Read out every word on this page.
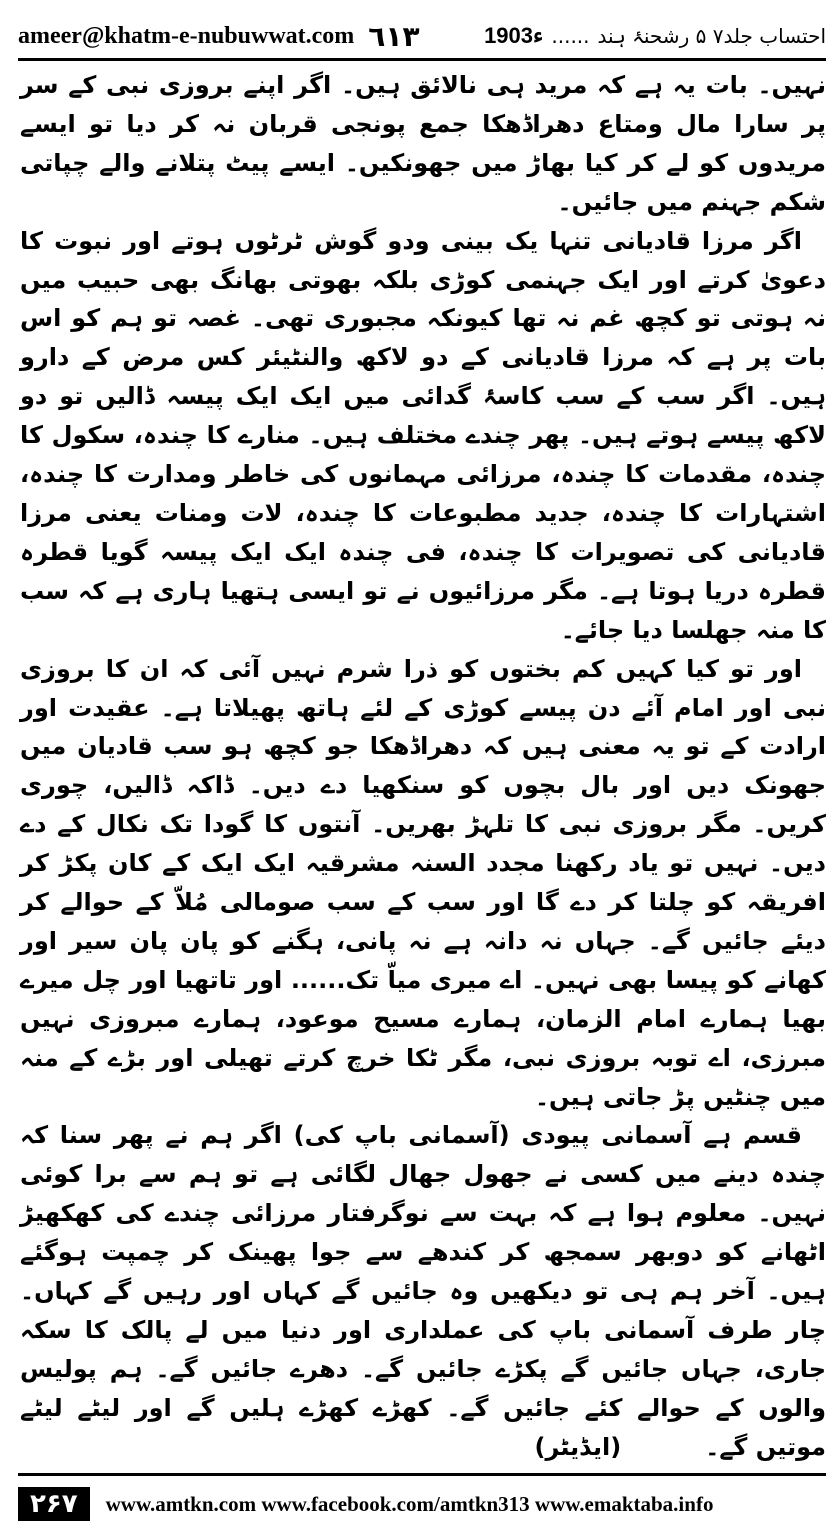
ameer@khatm-e-nubuwwat.com ٦١٣	احتساب جلد۷ ۵ رشحنۂ ہند
......
1903ء

نہیں۔ بات یہ ہے کہ مرید ہی نالائق ہیں۔ اگر اپنے بروزی نبی کے سر پر سارا مال ومتاع دھراڈھکا جمع پونجی قربان نہ کر دیا تو ایسے مریدوں کو لے کر کیا بھاڑ میں جھونکیں۔ ایسے پیٹ پتلانے والے چپاتی شکم جہنم میں جائیں۔

اگر مرزا قادیانی تنہا یک بینی ودو گوش ٹرٹوں ہوتے اور نبوت کا دعویٰ کرتے اور ایک جہنمی کوڑی بلکہ بھوتی بھانگ بھی حبیب میں نہ ہوتی تو کچھ غم نہ تھا کیونکہ مجبوری تھی۔ غصہ تو ہم کو اس بات پر ہے کہ مرزا قادیانی کے دو لاکھ والنٹیئر کس مرض کے دارو ہیں۔ اگر سب کے سب کاسۂ گدائی میں ایک ایک پیسہ ڈالیں تو دو لاکھ پیسے ہوتے ہیں۔ پھر چندے مختلف ہیں۔ منارے کا چندہ، سکول کا چندہ، مقدمات کا چندہ، مرزائی مہمانوں کی خاطر ومدارت کا چندہ، اشتہارات کا چندہ، جدید مطبوعات کا چندہ، لات ومنات یعنی مرزا قادیانی کی تصویرات کا چندہ، فی چندہ ایک ایک پیسہ گویا قطرہ قطرہ دریا ہوتا ہے۔ مگر مرزائیوں نے تو ایسی ہتھیا ہاری ہے کہ سب کا منہ جھلسا دیا جائے۔

اور تو کیا کہیں کم بختوں کو ذرا شرم نہیں آئی کہ ان کا بروزی نبی اور امام آئے دن پیسے کوڑی کے لئے ہاتھ پھیلاتا ہے۔ عقیدت اور ارادت کے تو یہ معنی ہیں کہ دھراڈھکا جو کچھ ہو سب قادیان میں جھونک دیں اور بال بچوں کو سنکھیا دے دیں۔ ڈاکہ ڈالیں، چوری کریں۔ مگر بروزی نبی کا تلہڑ بھریں۔ آنتوں کا گودا تک نکال کے دے دیں۔ نہیں تو یاد رکھنا مجدد السنہ مشرقیہ ایک ایک کے کان پکڑ کر افریقہ کو چلتا کر دے گا اور سب کے سب صومالی مُلاّ کے حوالے کر دیئے جائیں گے۔ جہاں نہ دانہ ہے نہ پانی، ہگنے کو پان پان سیر اور کھانے کو پیسا بھی نہیں۔ اے میری میاّ تک...... اور تاتھیا اور چل میرے بھیا ہمارے امام الزمان، ہمارے مسیح موعود، ہمارے مبروزی نہیں مبرزی، اے توبہ بروزی نبی، مگر ٹکا خرچ کرتے تھیلی اور بڑے کے منہ میں چنٹیں پڑ جاتی ہیں۔

قسم ہے آسمانی پیودی (آسمانی باپ کی) اگر ہم نے پھر سنا کہ چندہ دینے میں کسی نے جھول جھال لگائی ہے تو ہم سے برا کوئی نہیں۔ معلوم ہوا ہے کہ بہت سے نوگرفتار مرزائی چندے کی کھکھیڑ اٹھانے کو دوبھر سمجھ کر کندھے سے جوا پھینک کر چمپت ہوگئے ہیں۔ آخر ہم ہی تو دیکھیں وہ جائیں گے کہاں اور رہیں گے کہاں۔ چار طرف آسمانی باپ کی عملداری اور دنیا میں لے پالک کا سکہ جاری، جہاں جائیں گے پکڑے جائیں گے۔ دھرے جائیں گے۔ ہم پولیس والوں کے حوالے کئے جائیں گے۔ کھڑے کھڑے ہلیں گے اور لیٹے لیٹے موتیں گے۔(ایڈیٹر)

۲۶۷	www.amtkn.com www.facebook.com/amtkn313 www.emaktaba.info
